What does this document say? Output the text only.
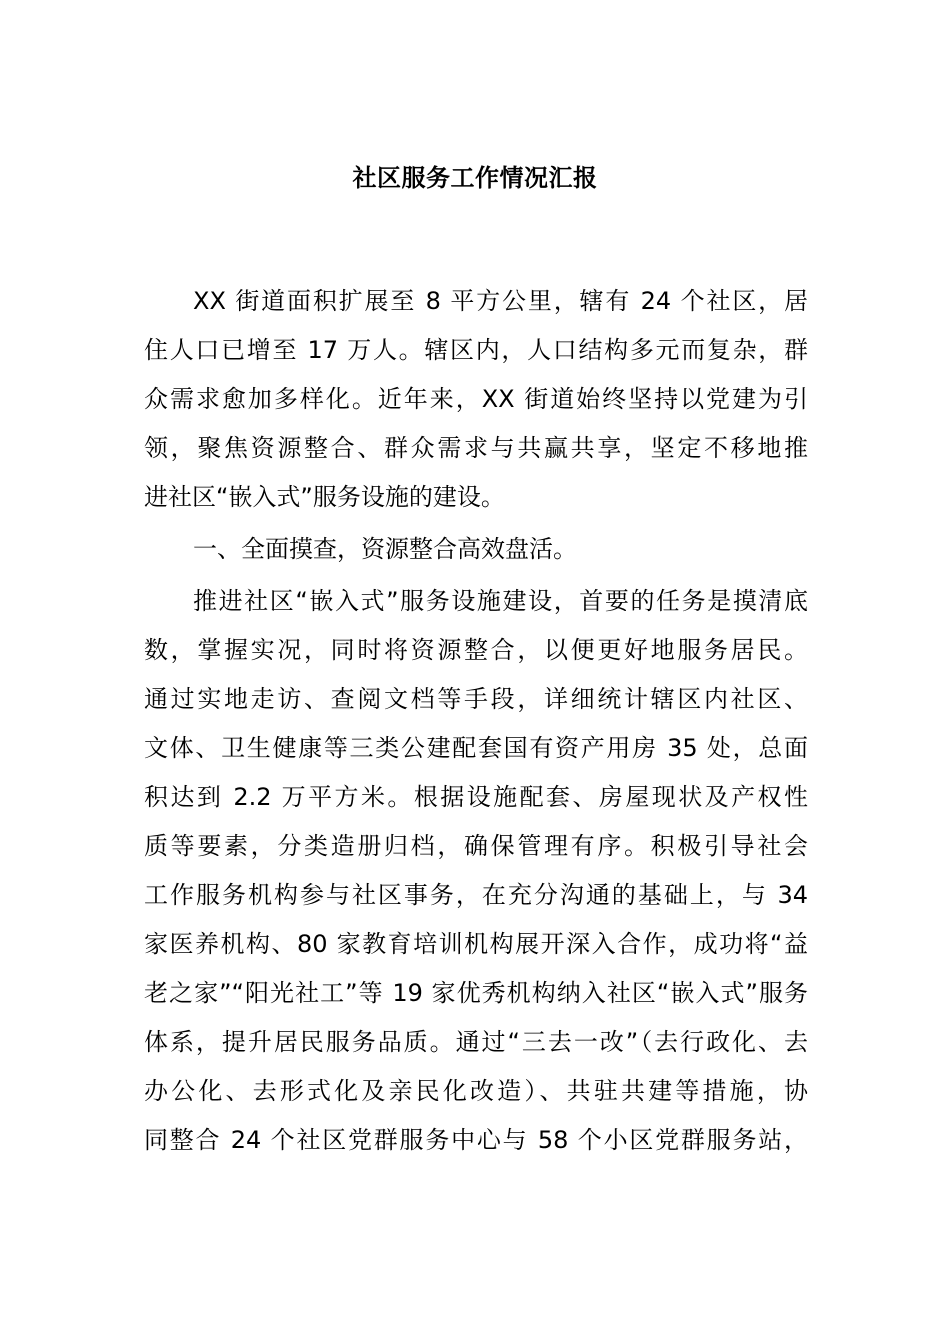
社区服务工作情况汇报
XX 街道面积扩展至 8 平方公里，辖有 24 个社区，居
住人口已增至 17 万人。辖区内，人口结构多元而复杂，群
众需求愈加多样化。近年来，XX 街道始终坚持以党建为引
领，聚焦资源整合、群众需求与共赢共享，坚定不移地推
进社区“嵌入式”服务设施的建设。
一、全面摸查，资源整合高效盘活。
推进社区“嵌入式”服务设施建设，首要的任务是摸清底
数，掌握实况，同时将资源整合，以便更好地服务居民。
通过实地走访、查阅文档等手段，详细统计辖区内社区、
文体、卫生健康等三类公建配套国有资产用房 35 处，总面
积达到 2.2 万平方米。根据设施配套、房屋现状及产权性
质等要素，分类造册归档，确保管理有序。积极引导社会
工作服务机构参与社区事务，在充分沟通的基础上，与 34
家医养机构、80 家教育培训机构展开深入合作，成功将“益
老之家”“阳光社工”等 19 家优秀机构纳入社区“嵌入式”服务
体系，提升居民服务品质。通过“三去一改”（去行政化、去
办公化、去形式化及亲民化改造）、共驻共建等措施，协
同整合 24 个社区党群服务中心与 58 个小区党群服务站，
